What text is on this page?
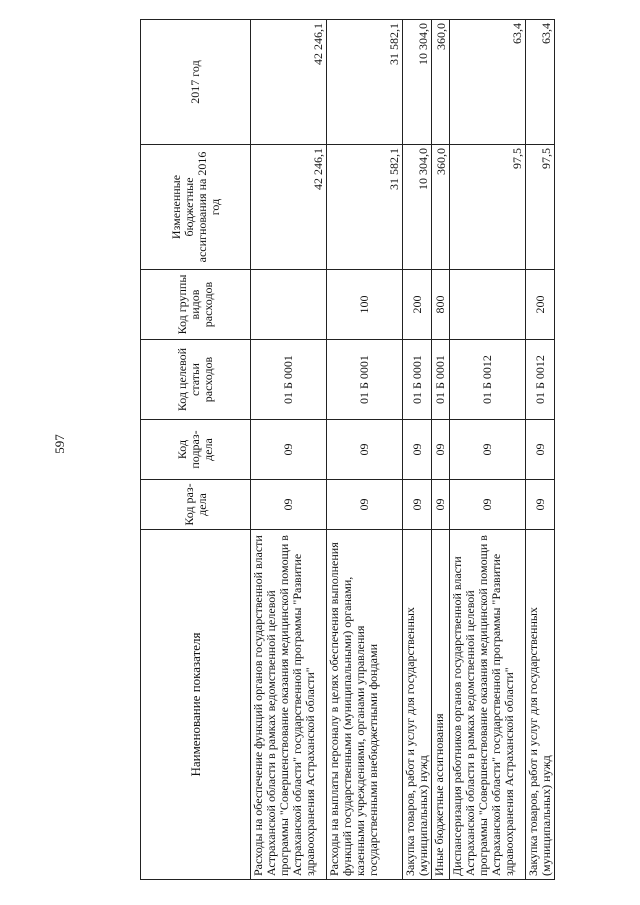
597
Наименование показателя	Код раз-дела	Код подраз-дела	Код целевой статьи расходов	Код группы видов расходов	Измененные бюджетные ассигнования на 2016 год	2017 год
Расходы на обеспечение функций органов государственной власти Астраханской области в рамках ведомственной целевой программы "Совершенствование оказания медицинской помощи в Астраханской области" государственной программы "Развитие здравоохранения Астраханской области"	09	09	01 Б 0001		42 246,1	42 246,1
Расходы на выплаты персоналу в целях обеспечения выполнения функций государственными (муниципальными) органами, казенными учреждениями, органами управления государственными внебюджетными фондами	09	09	01 Б 0001	100	31 582,1	31 582,1
Закупка товаров, работ и услуг для государственных (муниципальных) нужд	09	09	01 Б 0001	200	10 304,0	10 304,0
Иные бюджетные ассигнования	09	09	01 Б 0001	800	360,0	360,0
Диспансеризация работников органов государственной власти Астраханской области в рамках ведомственной целевой программы "Совершенствование оказания медицинской помощи в Астраханской области" государственной программы "Развитие здравоохранения Астраханской области"	09	09	01 Б 0012		97,5	63,4
Закупка товаров, работ и услуг для государственных (муниципальных) нужд	09	09	01 Б 0012	200	97,5	63,4
